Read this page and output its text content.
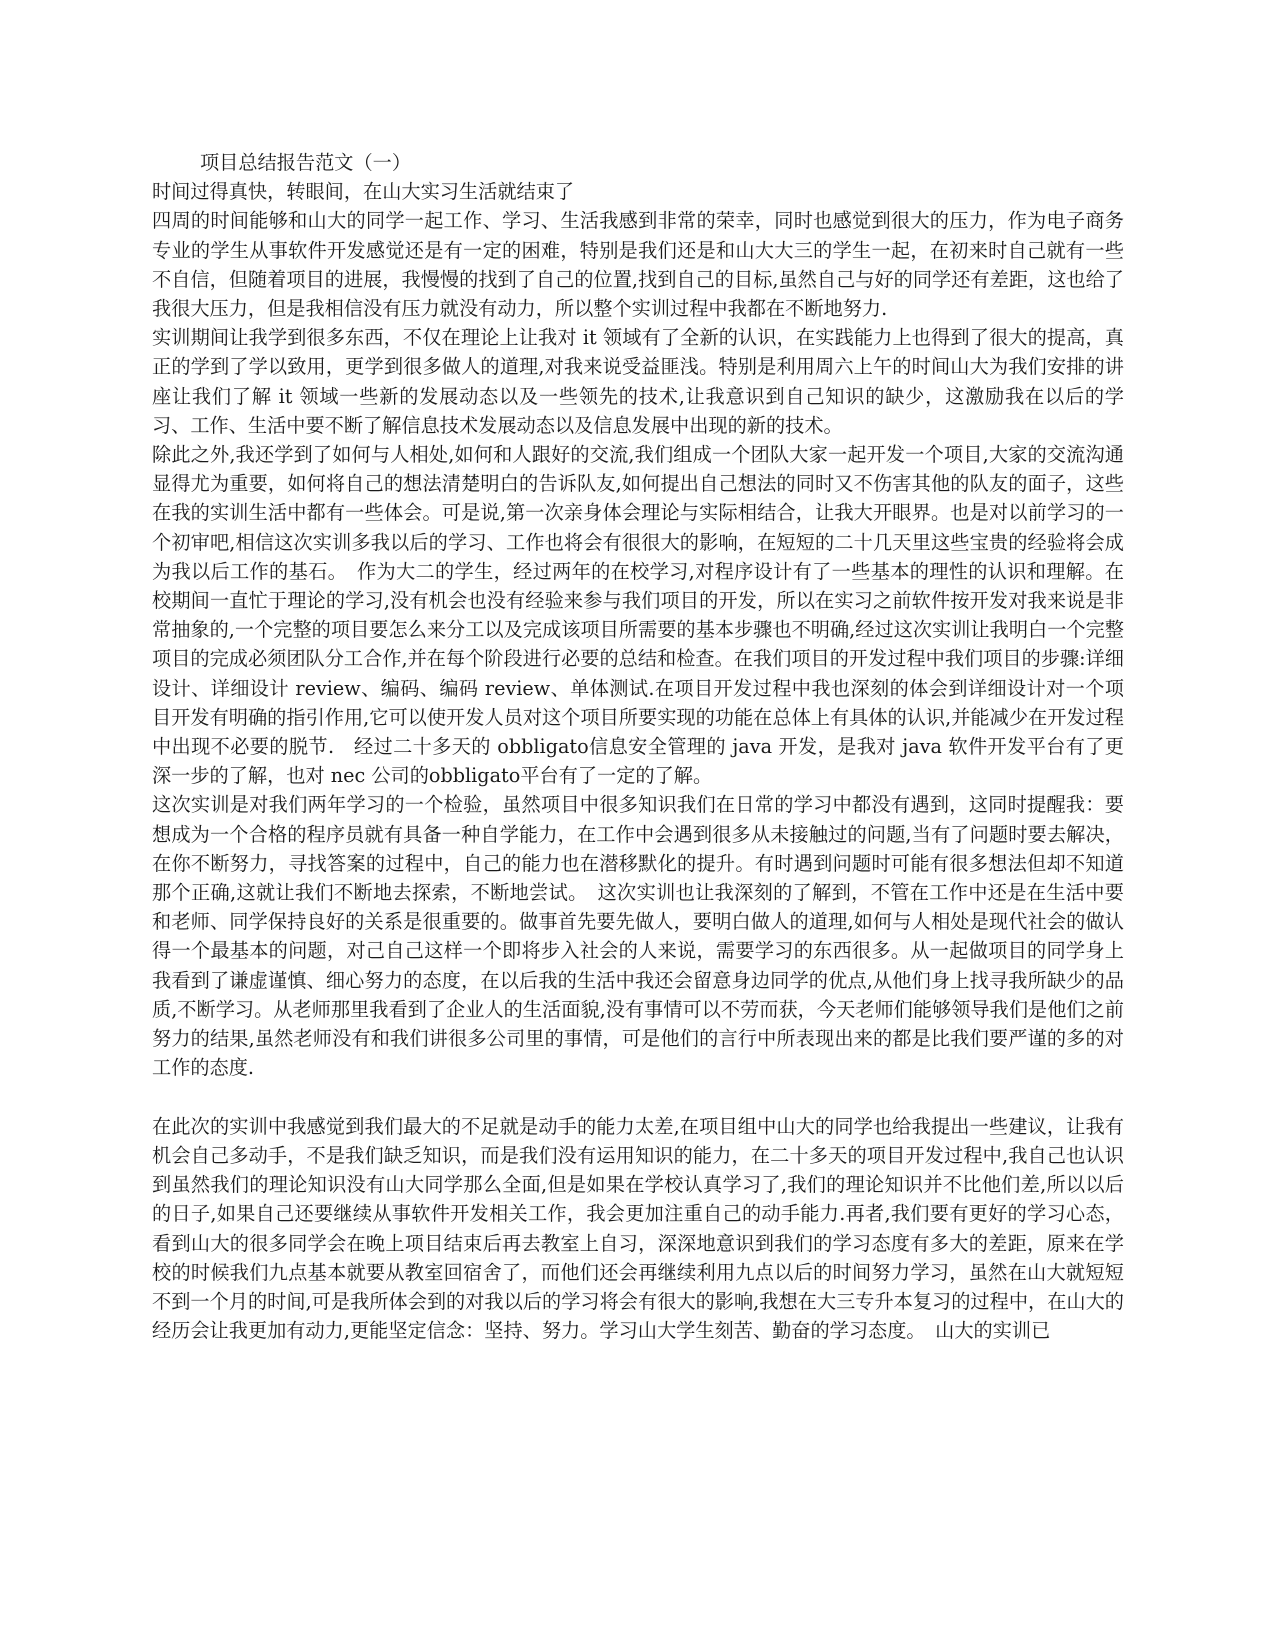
项目总结报告范文（一）

时间过得真快，转眼间，在山大实习生活就结束了

四周的时间能够和山大的同学一起工作、学习、生活我感到非常的荣幸，同时也感觉到很大的压力，作为电子商务专业的学生从事软件开发感觉还是有一定的困难，特别是我们还是和山大大三的学生一起，在初来时自己就有一些不自信，但随着项目的进展，我慢慢的找到了自己的位置,找到自己的目标,虽然自己与好的同学还有差距，这也给了我很大压力，但是我相信没有压力就没有动力，所以整个实训过程中我都在不断地努力.

实训期间让我学到很多东西，不仅在理论上让我对 it 领域有了全新的认识，在实践能力上也得到了很大的提高，真正的学到了学以致用，更学到很多做人的道理,对我来说受益匪浅。特别是利用周六上午的时间山大为我们安排的讲座让我们了解 it 领域一些新的发展动态以及一些领先的技术,让我意识到自己知识的缺少，这激励我在以后的学习、工作、生活中要不断了解信息技术发展动态以及信息发展中出现的新的技术。

除此之外,我还学到了如何与人相处,如何和人跟好的交流,我们组成一个团队大家一起开发一个项目,大家的交流沟通显得尤为重要，如何将自己的想法清楚明白的告诉队友,如何提出自己想法的同时又不伤害其他的队友的面子，这些在我的实训生活中都有一些体会。可是说,第一次亲身体会理论与实际相结合，让我大开眼界。也是对以前学习的一个初审吧,相信这次实训多我以后的学习、工作也将会有很很大的影响，在短短的二十几天里这些宝贵的经验将会成为我以后工作的基石。　作为大二的学生，经过两年的在校学习,对程序设计有了一些基本的理性的认识和理解。在校期间一直忙于理论的学习,没有机会也没有经验来参与我们项目的开发，所以在实习之前软件按开发对我来说是非常抽象的,一个完整的项目要怎么来分工以及完成该项目所需要的基本步骤也不明确,经过这次实训让我明白一个完整项目的完成必须团队分工合作,并在每个阶段进行必要的总结和检查。在我们项目的开发过程中我们项目的步骤:详细设计、详细设计 review、编码、编码 review、单体测试.在项目开发过程中我也深刻的体会到详细设计对一个项目开发有明确的指引作用,它可以使开发人员对这个项目所要实现的功能在总体上有具体的认识,并能减少在开发过程中出现不必要的脱节.　经过二十多天的 obbligato信息安全管理的 java 开发，是我对 java 软件开发平台有了更深一步的了解，也对 nec 公司的obbligato平台有了一定的了解。

这次实训是对我们两年学习的一个检验，虽然项目中很多知识我们在日常的学习中都没有遇到，这同时提醒我：要想成为一个合格的程序员就有具备一种自学能力，在工作中会遇到很多从未接触过的问题,当有了问题时要去解决，在你不断努力，寻找答案的过程中，自己的能力也在潜移默化的提升。有时遇到问题时可能有很多想法但却不知道那个正确,这就让我们不断地去探索，不断地尝试。　这次实训也让我深刻的了解到，不管在工作中还是在生活中要和老师、同学保持良好的关系是很重要的。做事首先要先做人，要明白做人的道理,如何与人相处是现代社会的做认得一个最基本的问题，对己自己这样一个即将步入社会的人来说，需要学习的东西很多。从一起做项目的同学身上我看到了谦虚谨慎、细心努力的态度，在以后我的生活中我还会留意身边同学的优点,从他们身上找寻我所缺少的品质,不断学习。从老师那里我看到了企业人的生活面貌,没有事情可以不劳而获，今天老师们能够领导我们是他们之前努力的结果,虽然老师没有和我们讲很多公司里的事情，可是他们的言行中所表现出来的都是比我们要严谨的多的对工作的态度.

在此次的实训中我感觉到我们最大的不足就是动手的能力太差,在项目组中山大的同学也给我提出一些建议，让我有机会自己多动手，不是我们缺乏知识，而是我们没有运用知识的能力，在二十多天的项目开发过程中,我自己也认识到虽然我们的理论知识没有山大同学那么全面,但是如果在学校认真学习了,我们的理论知识并不比他们差,所以以后的日子,如果自己还要继续从事软件开发相关工作，我会更加注重自己的动手能力.再者,我们要有更好的学习心态，看到山大的很多同学会在晚上项目结束后再去教室上自习，深深地意识到我们的学习态度有多大的差距，原来在学校的时候我们九点基本就要从教室回宿舍了，而他们还会再继续利用九点以后的时间努力学习，虽然在山大就短短不到一个月的时间,可是我所体会到的对我以后的学习将会有很大的影响,我想在大三专升本复习的过程中，在山大的经历会让我更加有动力,更能坚定信念：坚持、努力。学习山大学生刻苦、勤奋的学习态度。　山大的实训已
